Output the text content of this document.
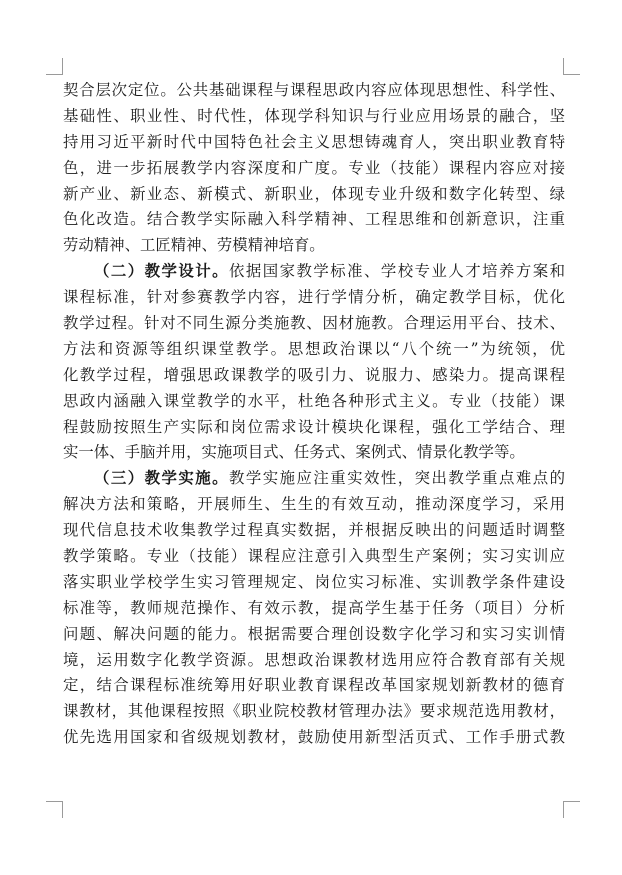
契合层次定位。公共基础课程与课程思政内容应体现思想性、科学性、
基础性、职业性、时代性，体现学科知识与行业应用场景的融合，坚
持用习近平新时代中国特色社会主义思想铸魂育人，突出职业教育特
色，进一步拓展教学内容深度和广度。专业（技能）课程内容应对接
新产业、新业态、新模式、新职业，体现专业升级和数字化转型、绿
色化改造。结合教学实际融入科学精神、工程思维和创新意识，注重
劳动精神、工匠精神、劳模精神培育。
（二）教学设计。依据国家教学标准、学校专业人才培养方案和
课程标准，针对参赛教学内容，进行学情分析，确定教学目标，优化
教学过程。针对不同生源分类施教、因材施教。合理运用平台、技术、
方法和资源等组织课堂教学。思想政治课以“八个统一”为统领，优
化教学过程，增强思政课教学的吸引力、说服力、感染力。提高课程
思政内涵融入课堂教学的水平，杜绝各种形式主义。专业（技能）课
程鼓励按照生产实际和岗位需求设计模块化课程，强化工学结合、理
实一体、手脑并用，实施项目式、任务式、案例式、情景化教学等。
（三）教学实施。教学实施应注重实效性，突出教学重点难点的
解决方法和策略，开展师生、生生的有效互动，推动深度学习，采用
现代信息技术收集教学过程真实数据，并根据反映出的问题适时调整
教学策略。专业（技能）课程应注意引入典型生产案例；实习实训应
落实职业学校学生实习管理规定、岗位实习标准、实训教学条件建设
标准等，教师规范操作、有效示教，提高学生基于任务（项目）分析
问题、解决问题的能力。根据需要合理创设数字化学习和实习实训情
境，运用数字化教学资源。思想政治课教材选用应符合教育部有关规
定，结合课程标准统筹用好职业教育课程改革国家规划新教材的德育
课教材，其他课程按照《职业院校教材管理办法》要求规范选用教材，
优先选用国家和省级规划教材，鼓励使用新型活页式、工作手册式教
